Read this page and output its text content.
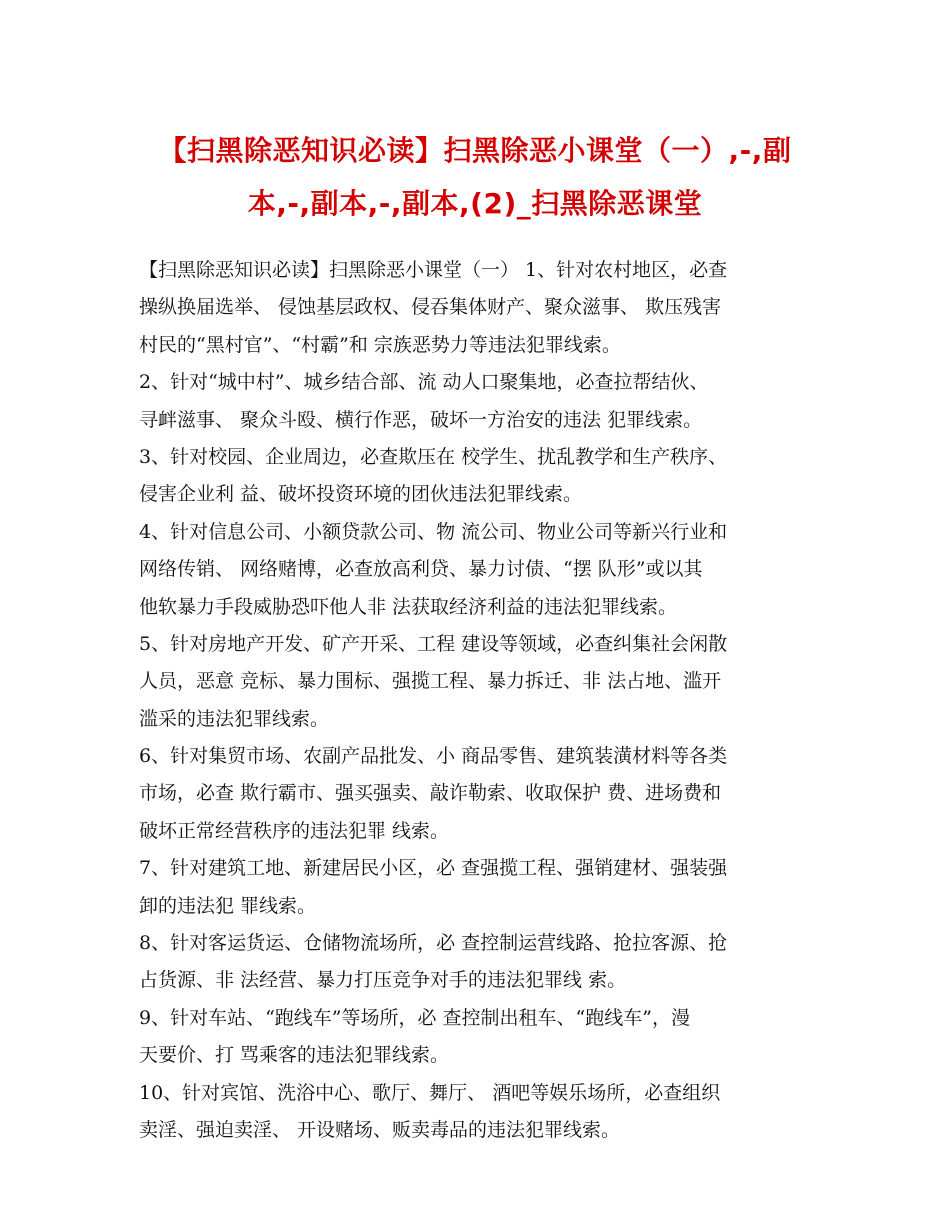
【扫黑除恶知识必读】扫黑除恶小课堂（一）,-,副
本,-,副本,-,副本,(2)_扫黑除恶课堂
【扫黑除恶知识必读】扫黑除恶小课堂（一） 1、针对农村地区，必查
操纵换届选举、 侵蚀基层政权、侵吞集体财产、聚众滋事、 欺压残害
村民的“黑村官”、“村霸”和 宗族恶势力等违法犯罪线索。
2、针对“城中村”、城乡结合部、流 动人口聚集地，必查拉帮结伙、
寻衅滋事、 聚众斗殴、横行作恶，破坏一方治安的违法 犯罪线索。
3、针对校园、企业周边，必查欺压在 校学生、扰乱教学和生产秩序、
侵害企业利 益、破坏投资环境的团伙违法犯罪线索。
4、针对信息公司、小额贷款公司、物 流公司、物业公司等新兴行业和
网络传销、 网络赌博，必查放高利贷、暴力讨债、“摆 队形”或以其
他软暴力手段威胁恐吓他人非 法获取经济利益的违法犯罪线索。
5、针对房地产开发、矿产开采、工程 建设等领域，必查纠集社会闲散
人员，恶意 竞标、暴力围标、强揽工程、暴力拆迁、非 法占地、滥开
滥采的违法犯罪线索。
6、针对集贸市场、农副产品批发、小 商品零售、建筑装潢材料等各类
市场，必查 欺行霸市、强买强卖、敲诈勒索、收取保护 费、进场费和
破坏正常经营秩序的违法犯罪 线索。
7、针对建筑工地、新建居民小区，必 查强揽工程、强销建材、强装强
卸的违法犯 罪线索。
8、针对客运货运、仓储物流场所，必 查控制运营线路、抢拉客源、抢
占货源、非 法经营、暴力打压竞争对手的违法犯罪线 索。
9、针对车站、“跑线车”等场所，必 查控制出租车、“跑线车”，漫
天要价、打 骂乘客的违法犯罪线索。
10、针对宾馆、洗浴中心、歌厅、舞厅、 酒吧等娱乐场所，必查组织
卖淫、强迫卖淫、 开设赌场、贩卖毒品的违法犯罪线索。
